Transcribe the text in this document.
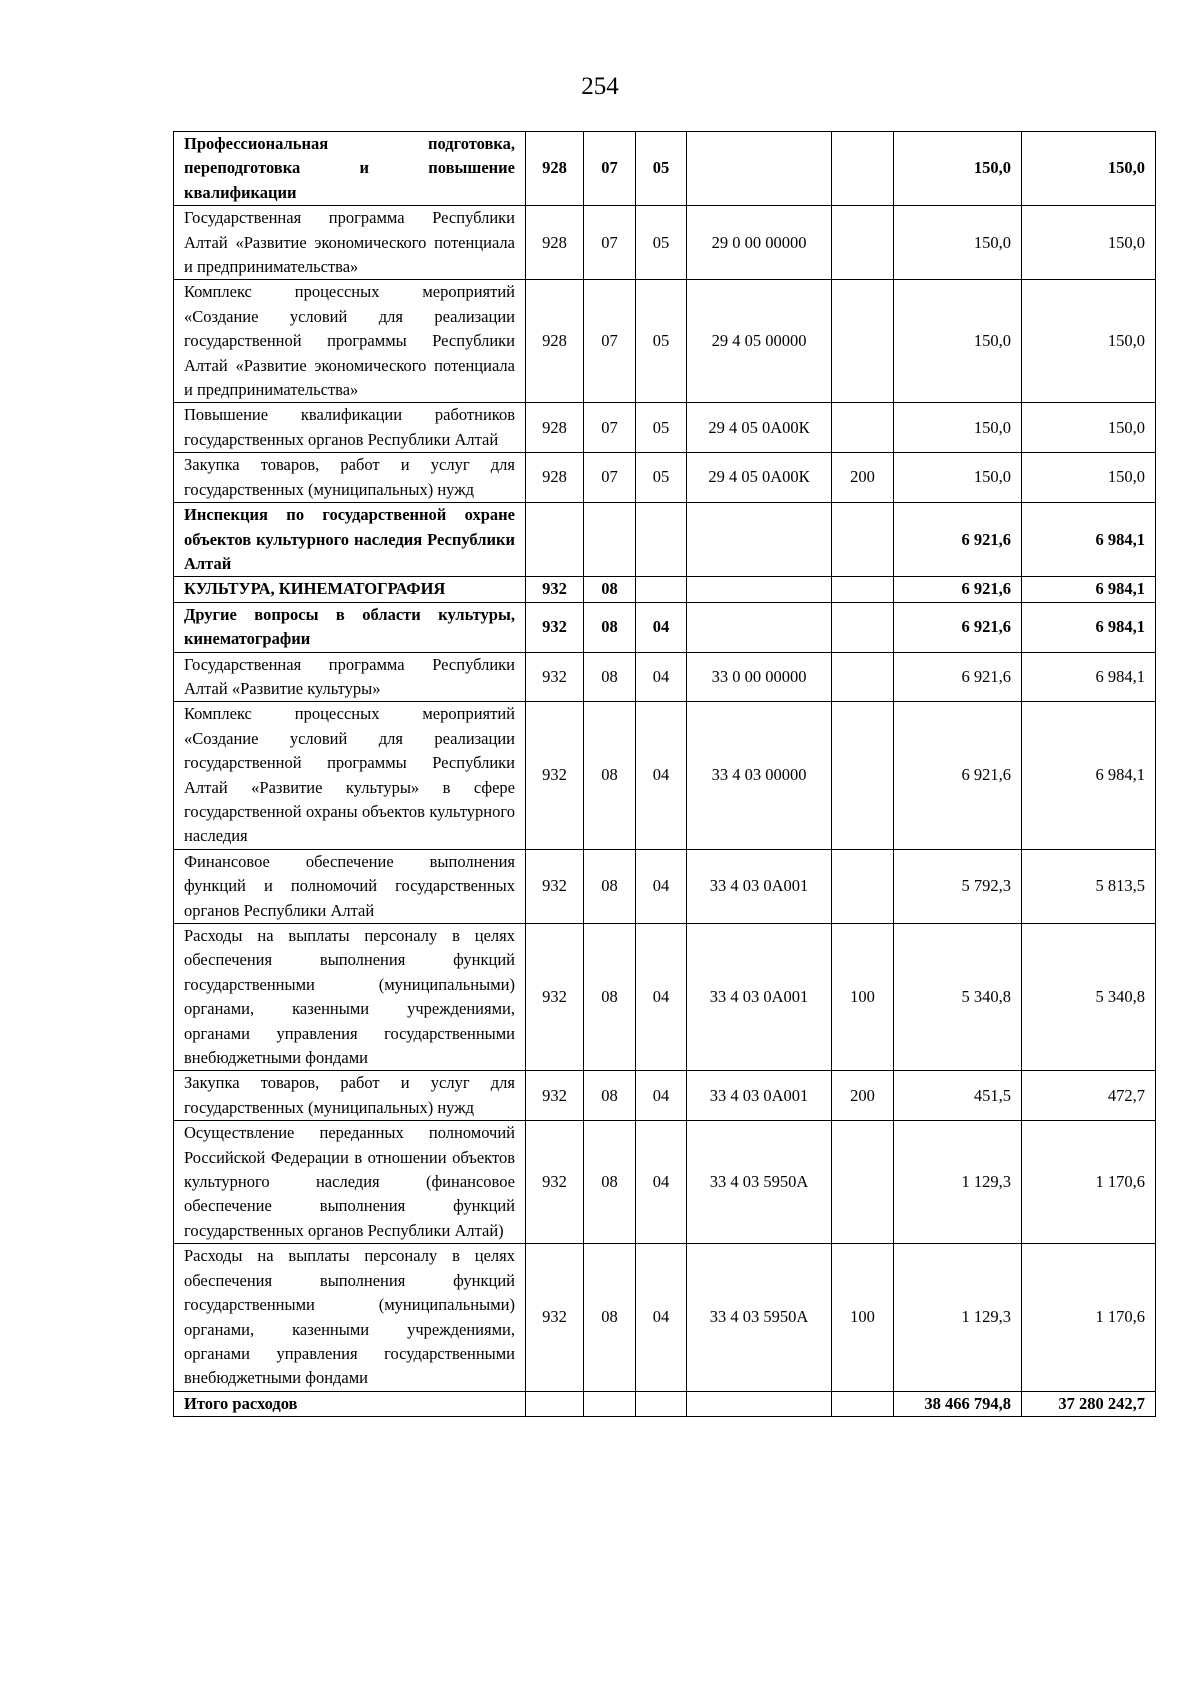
254
Профессиональная подготовка, переподготовка и повышение квалификации	928	07	05			150,0	150,0
Государственная программа Республики Алтай «Развитие экономического потенциала и предпринимательства»	928	07	05	29 0 00 00000		150,0	150,0
Комплекс процессных мероприятий «Создание условий для реализации государственной программы Республики Алтай «Развитие экономического потенциала и предпринимательства»	928	07	05	29 4 05 00000		150,0	150,0
Повышение квалификации работников государственных органов Республики Алтай	928	07	05	29 4 05 0А00К		150,0	150,0
Закупка товаров, работ и услуг для государственных (муниципальных) нужд	928	07	05	29 4 05 0А00К	200	150,0	150,0
Инспекция по государственной охране объектов культурного наследия Республики Алтай						6 921,6	6 984,1
КУЛЬТУРА, КИНЕМАТОГРАФИЯ	932	08				6 921,6	6 984,1
Другие вопросы в области культуры, кинематографии	932	08	04			6 921,6	6 984,1
Государственная программа Республики Алтай «Развитие культуры»	932	08	04	33 0 00 00000		6 921,6	6 984,1
Комплекс процессных мероприятий «Создание условий для реализации государственной программы Республики Алтай «Развитие культуры» в сфере государственной охраны объектов культурного наследия	932	08	04	33 4 03 00000		6 921,6	6 984,1
Финансовое обеспечение выполнения функций и полномочий государственных органов Республики Алтай	932	08	04	33 4 03 0А001		5 792,3	5 813,5
Расходы на выплаты персоналу в целях обеспечения выполнения функций государственными (муниципальными) органами, казенными учреждениями, органами управления государственными внебюджетными фондами	932	08	04	33 4 03 0А001	100	5 340,8	5 340,8
Закупка товаров, работ и услуг для государственных (муниципальных) нужд	932	08	04	33 4 03 0А001	200	451,5	472,7
Осуществление переданных полномочий Российской Федерации в отношении объектов культурного наследия (финансовое обеспечение выполнения функций государственных органов Республики Алтай)	932	08	04	33 4 03 5950А		1 129,3	1 170,6
Расходы на выплаты персоналу в целях обеспечения выполнения функций государственными (муниципальными) органами, казенными учреждениями, органами управления государственными внебюджетными фондами	932	08	04	33 4 03 5950А	100	1 129,3	1 170,6
Итого расходов						38 466 794,8	37 280 242,7
